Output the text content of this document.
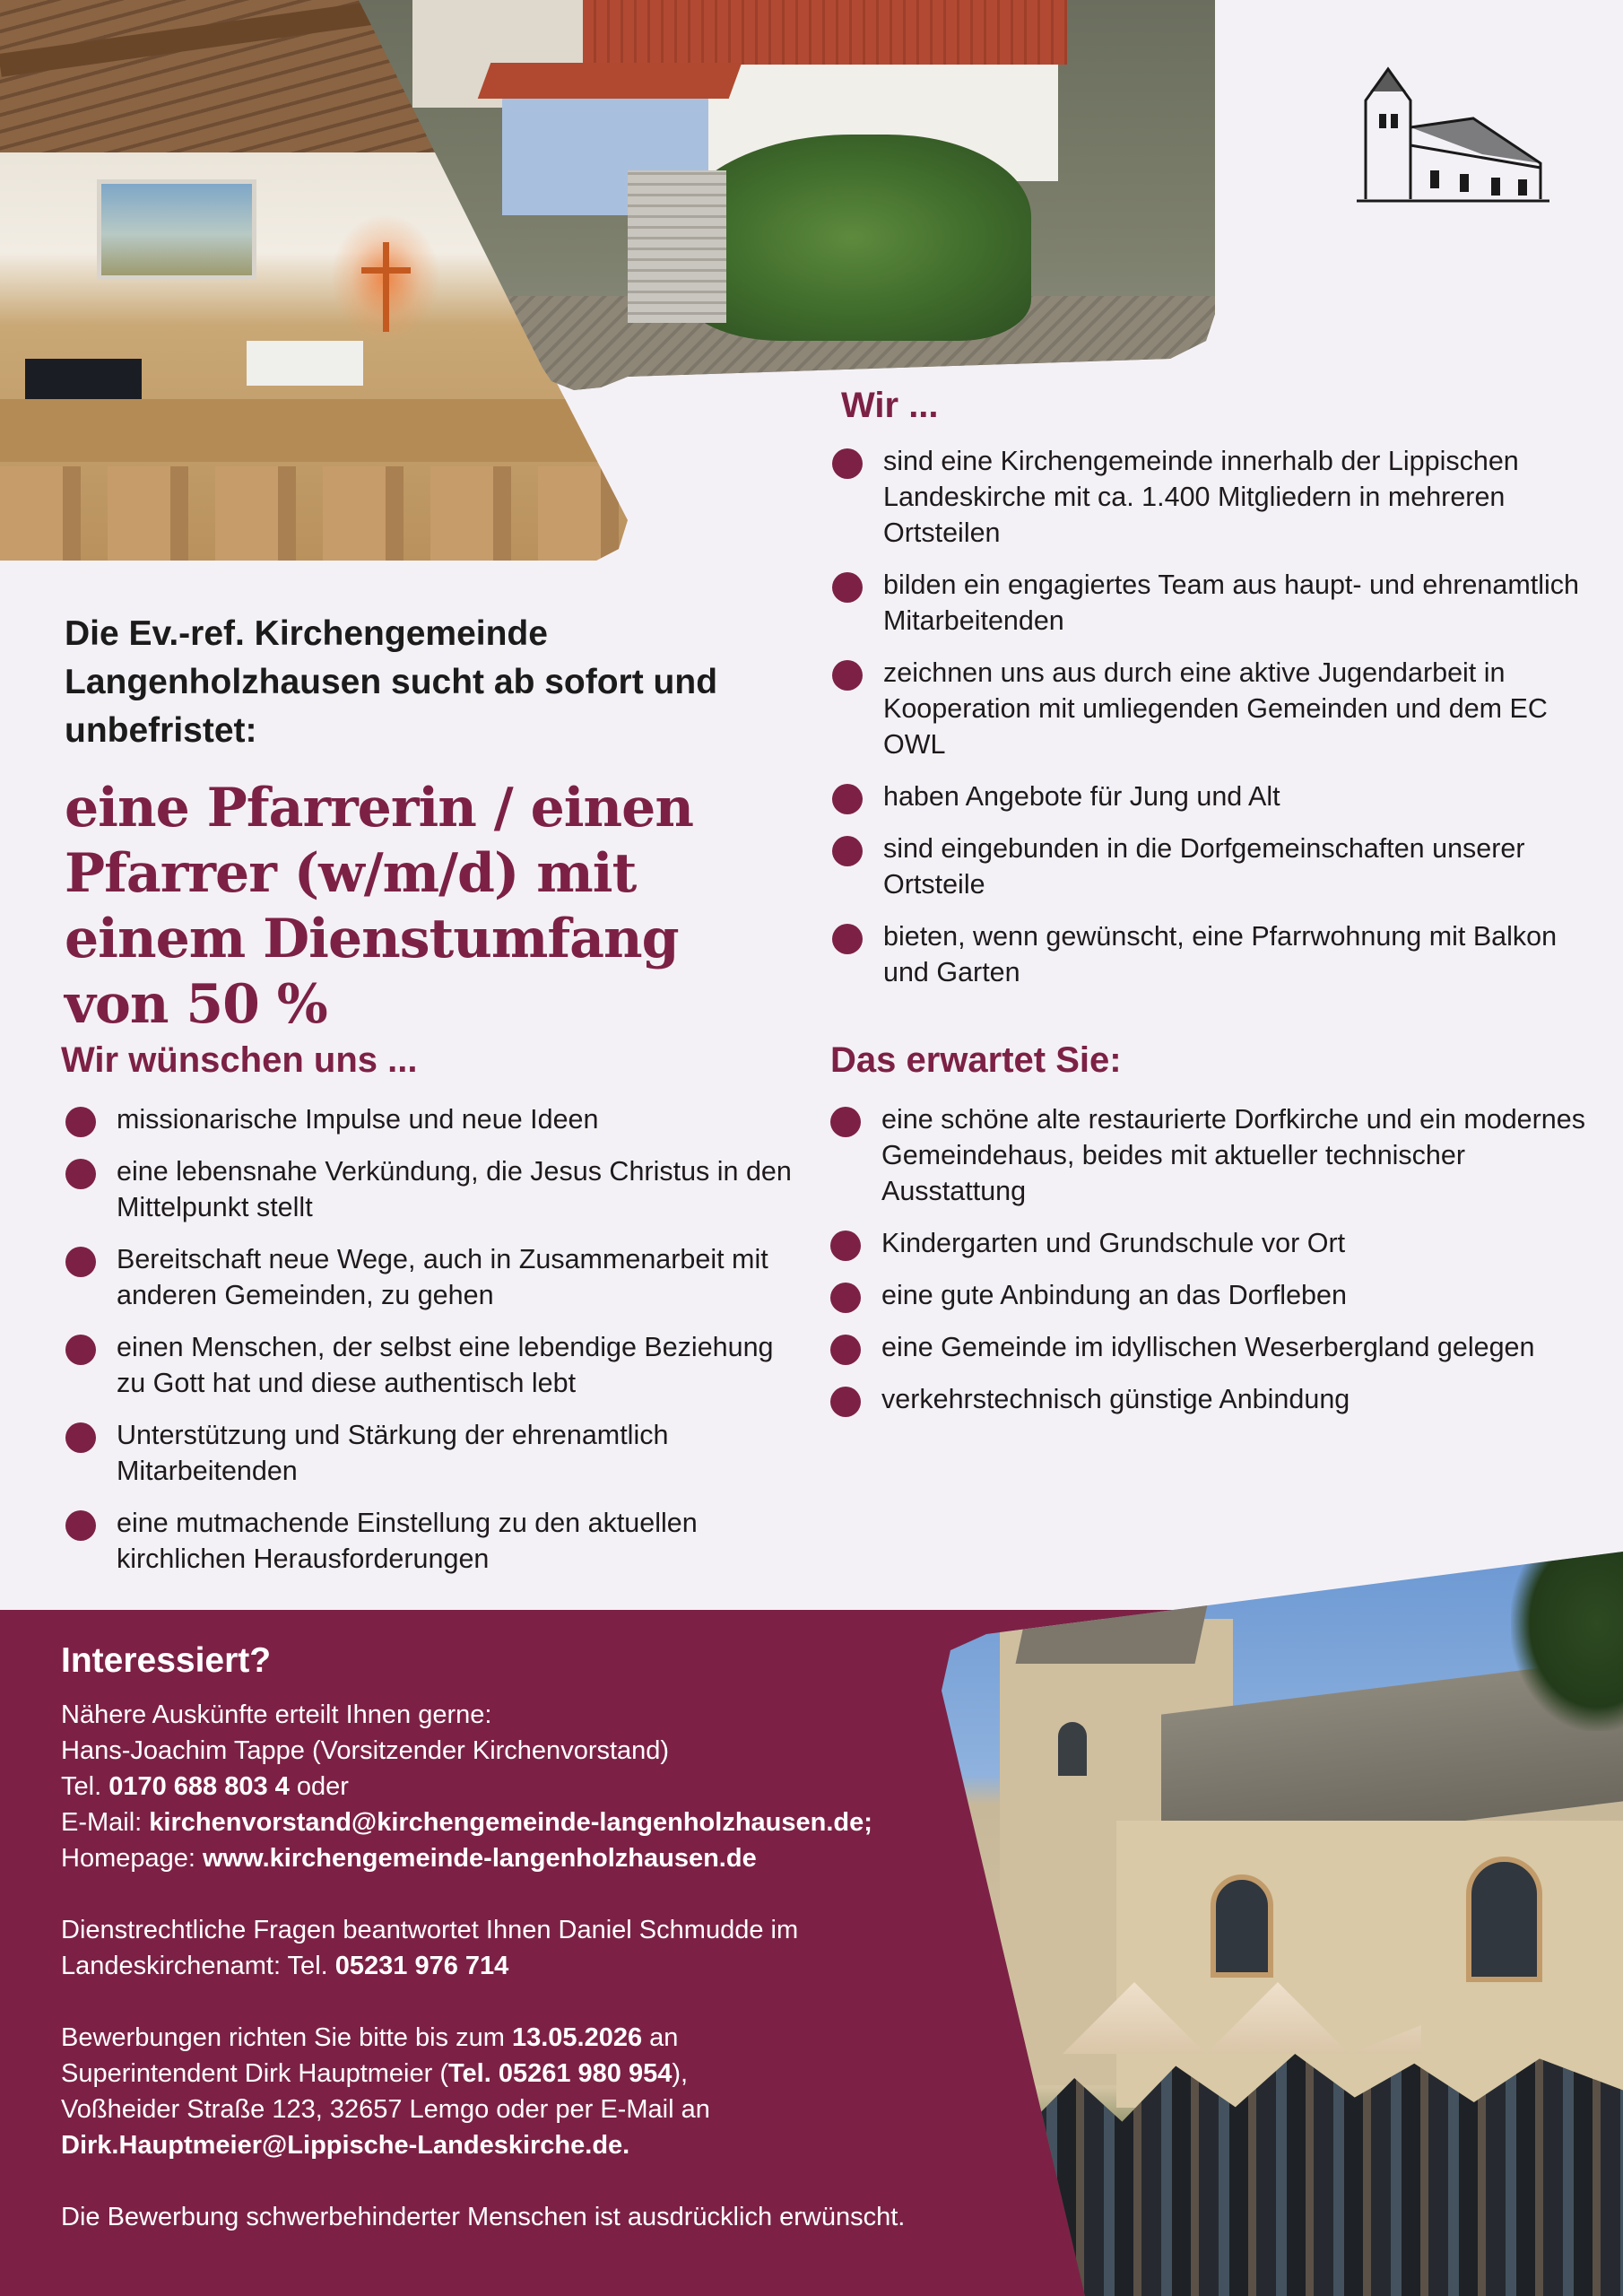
Die Ev.-ref. Kirchengemeinde Langenholzhausen sucht ab sofort und unbefristet:
eine Pfarrerin / einen Pfarrer (w/m/d) mit einem Dienstumfang von 50 %
Wir ...
sind eine Kirchengemeinde innerhalb der Lippischen Landeskirche mit ca. 1.400 Mitgliedern in mehreren Ortsteilen
bilden ein engagiertes Team aus haupt- und ehrenamtlich Mitarbeitenden
zeichnen uns aus durch eine aktive Jugendarbeit in Kooperation mit umliegenden Gemeinden und dem EC OWL
haben Angebote für Jung und Alt
sind eingebunden in die Dorfgemeinschaften unserer Ortsteile
bieten, wenn gewünscht, eine Pfarrwohnung mit Balkon und Garten
Wir wünschen uns ...
missionarische Impulse und neue Ideen
eine lebensnahe Verkündung, die Jesus Christus in den Mittelpunkt stellt
Bereitschaft neue Wege, auch in Zusammenarbeit mit anderen Gemeinden, zu gehen
einen Menschen, der selbst eine lebendige Beziehung zu Gott hat und diese authentisch lebt
Unterstützung und Stärkung der ehrenamtlich Mitarbeitenden
eine mutmachende Einstellung zu den aktuellen kirchlichen Herausforderungen
Das erwartet Sie:
eine schöne alte restaurierte Dorfkirche und ein modernes Gemeindehaus, beides mit aktueller technischer Ausstattung
Kindergarten und Grundschule vor Ort
eine gute Anbindung an das Dorfleben
eine Gemeinde im idyllischen Weserbergland gelegen
verkehrstechnisch günstige Anbindung
Interessiert?

Nähere Auskünfte erteilt Ihnen gerne:

Hans-Joachim Tappe (Vorsitzender Kirchenvorstand)

Tel. 0170 688 803 4 oder

E-Mail: kirchenvorstand@kirchengemeinde-langenholzhausen.de;

Homepage: www.kirchengemeinde-langenholzhausen.de

Dienstrechtliche Fragen beantwortet Ihnen Daniel Schmudde im

Landeskirchenamt: Tel. 05231 976 714

Bewerbungen richten Sie bitte bis zum 13.05.2026 an

Superintendent Dirk Hauptmeier (Tel. 05261 980 954),

Voßheider Straße 123, 32657 Lemgo oder per E-Mail an

Dirk.Hauptmeier@Lippische-Landeskirche.de.

Die Bewerbung schwerbehinderter Menschen ist ausdrücklich erwünscht.
